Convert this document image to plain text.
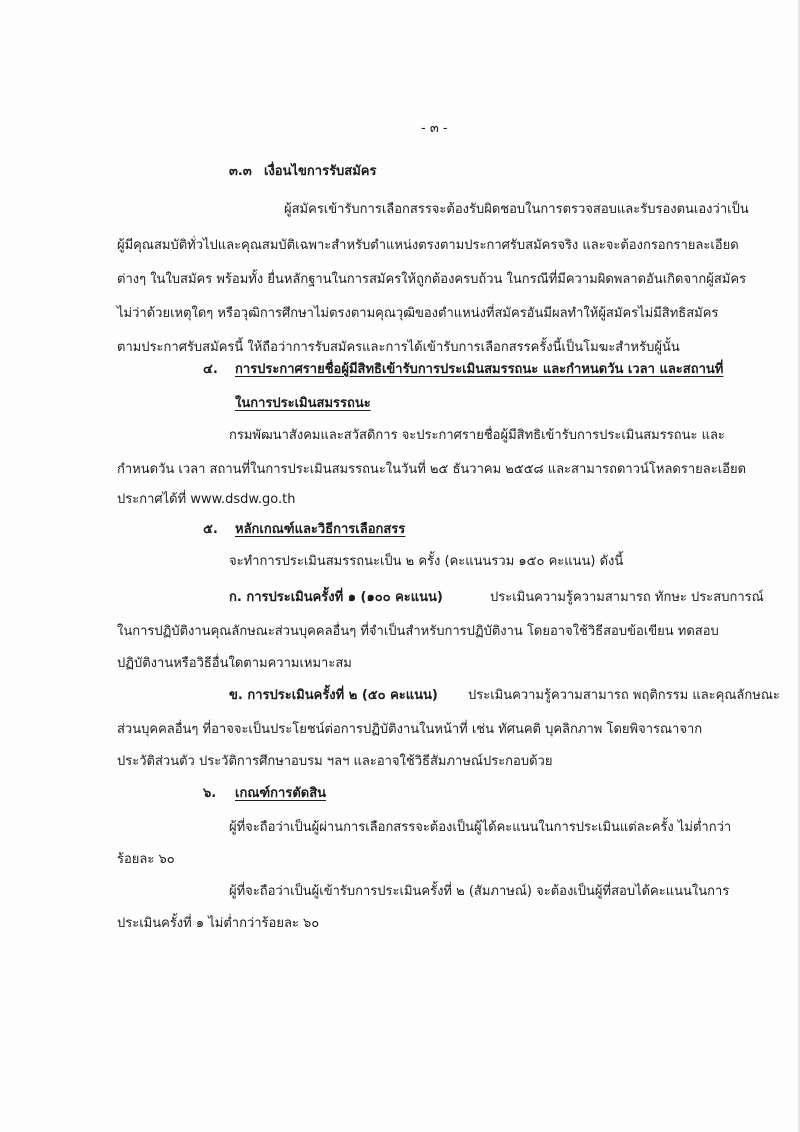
- ๓ -
๓.๓ เงื่อนไขการรับสมัคร
ผู้สมัครเข้ารับการเลือกสรรจะต้องรับผิดชอบในการตรวจสอบและรับรองตนเองว่าเป็น
ผู้มีคุณสมบัติทั่วไปและคุณสมบัติเฉพาะสำหรับตำแหน่งตรงตามประกาศรับสมัครจริง และจะต้องกรอกรายละเอียด
ต่างๆ ในใบสมัคร พร้อมทั้ง ยื่นหลักฐานในการสมัครให้ถูกต้องครบถ้วน ในกรณีที่มีความผิดพลาดอันเกิดจากผู้สมัคร
ไม่ว่าด้วยเหตุใดๆ หรือวุฒิการศึกษาไม่ตรงตามคุณวุฒิของตำแหน่งที่สมัครอันมีผลทำให้ผู้สมัครไม่มีสิทธิสมัคร
ตามประกาศรับสมัครนี้ ให้ถือว่าการรับสมัครและการได้เข้ารับการเลือกสรรครั้งนี้เป็นโมฆะสำหรับผู้นั้น
๔. การประกาศรายชื่อผู้มีสิทธิเข้ารับการประเมินสมรรถนะ และกำหนดวัน เวลา และสถานที่
ในการประเมินสมรรถนะ
กรมพัฒนาสังคมและสวัสดิการ จะประกาศรายชื่อผู้มีสิทธิเข้ารับการประเมินสมรรถนะ และ
กำหนดวัน เวลา สถานที่ในการประเมินสมรรถนะในวันที่ ๒๕ ธันวาคม ๒๕๕๘ และสามารถดาวน์โหลดรายละเอียด
ประกาศได้ที่ www.dsdw.go.th
๕. หลักเกณฑ์และวิธีการเลือกสรร
จะทำการประเมินสมรรถนะเป็น ๒ ครั้ง (คะแนนรวม ๑๕๐ คะแนน) ดังนี้
ก. การประเมินครั้งที่ ๑ (๑๐๐ คะแนน)	ประเมินความรู้ความสามารถ ทักษะ ประสบการณ์
ในการปฏิบัติงานคุณลักษณะส่วนบุคคลอื่นๆ ที่จำเป็นสำหรับการปฏิบัติงาน โดยอาจใช้วิธีสอบข้อเขียน ทดสอบ
ปฏิบัติงานหรือวิธีอื่นใดตามความเหมาะสม
ข. การประเมินครั้งที่ ๒ (๕๐ คะแนน) ประเมินความรู้ความสามารถ พฤติกรรม และคุณลักษณะ
ส่วนบุคคลอื่นๆ ที่อาจจะเป็นประโยชน์ต่อการปฏิบัติงานในหน้าที่ เช่น ทัศนคติ บุคลิกภาพ โดยพิจารณาจาก
ประวัติส่วนตัว ประวัติการศึกษาอบรม ฯลฯ และอาจใช้วิธีสัมภาษณ์ประกอบด้วย
๖. เกณฑ์การตัดสิน
ผู้ที่จะถือว่าเป็นผู้ผ่านการเลือกสรรจะต้องเป็นผู้ได้คะแนนในการประเมินแต่ละครั้ง ไม่ต่ำกว่า
ร้อยละ ๖๐
ผู้ที่จะถือว่าเป็นผู้เข้ารับการประเมินครั้งที่ ๒ (สัมภาษณ์) จะต้องเป็นผู้ที่สอบได้คะแนนในการ
ประเมินครั้งที่ ๑ ไม่ต่ำกว่าร้อยละ ๖๐
